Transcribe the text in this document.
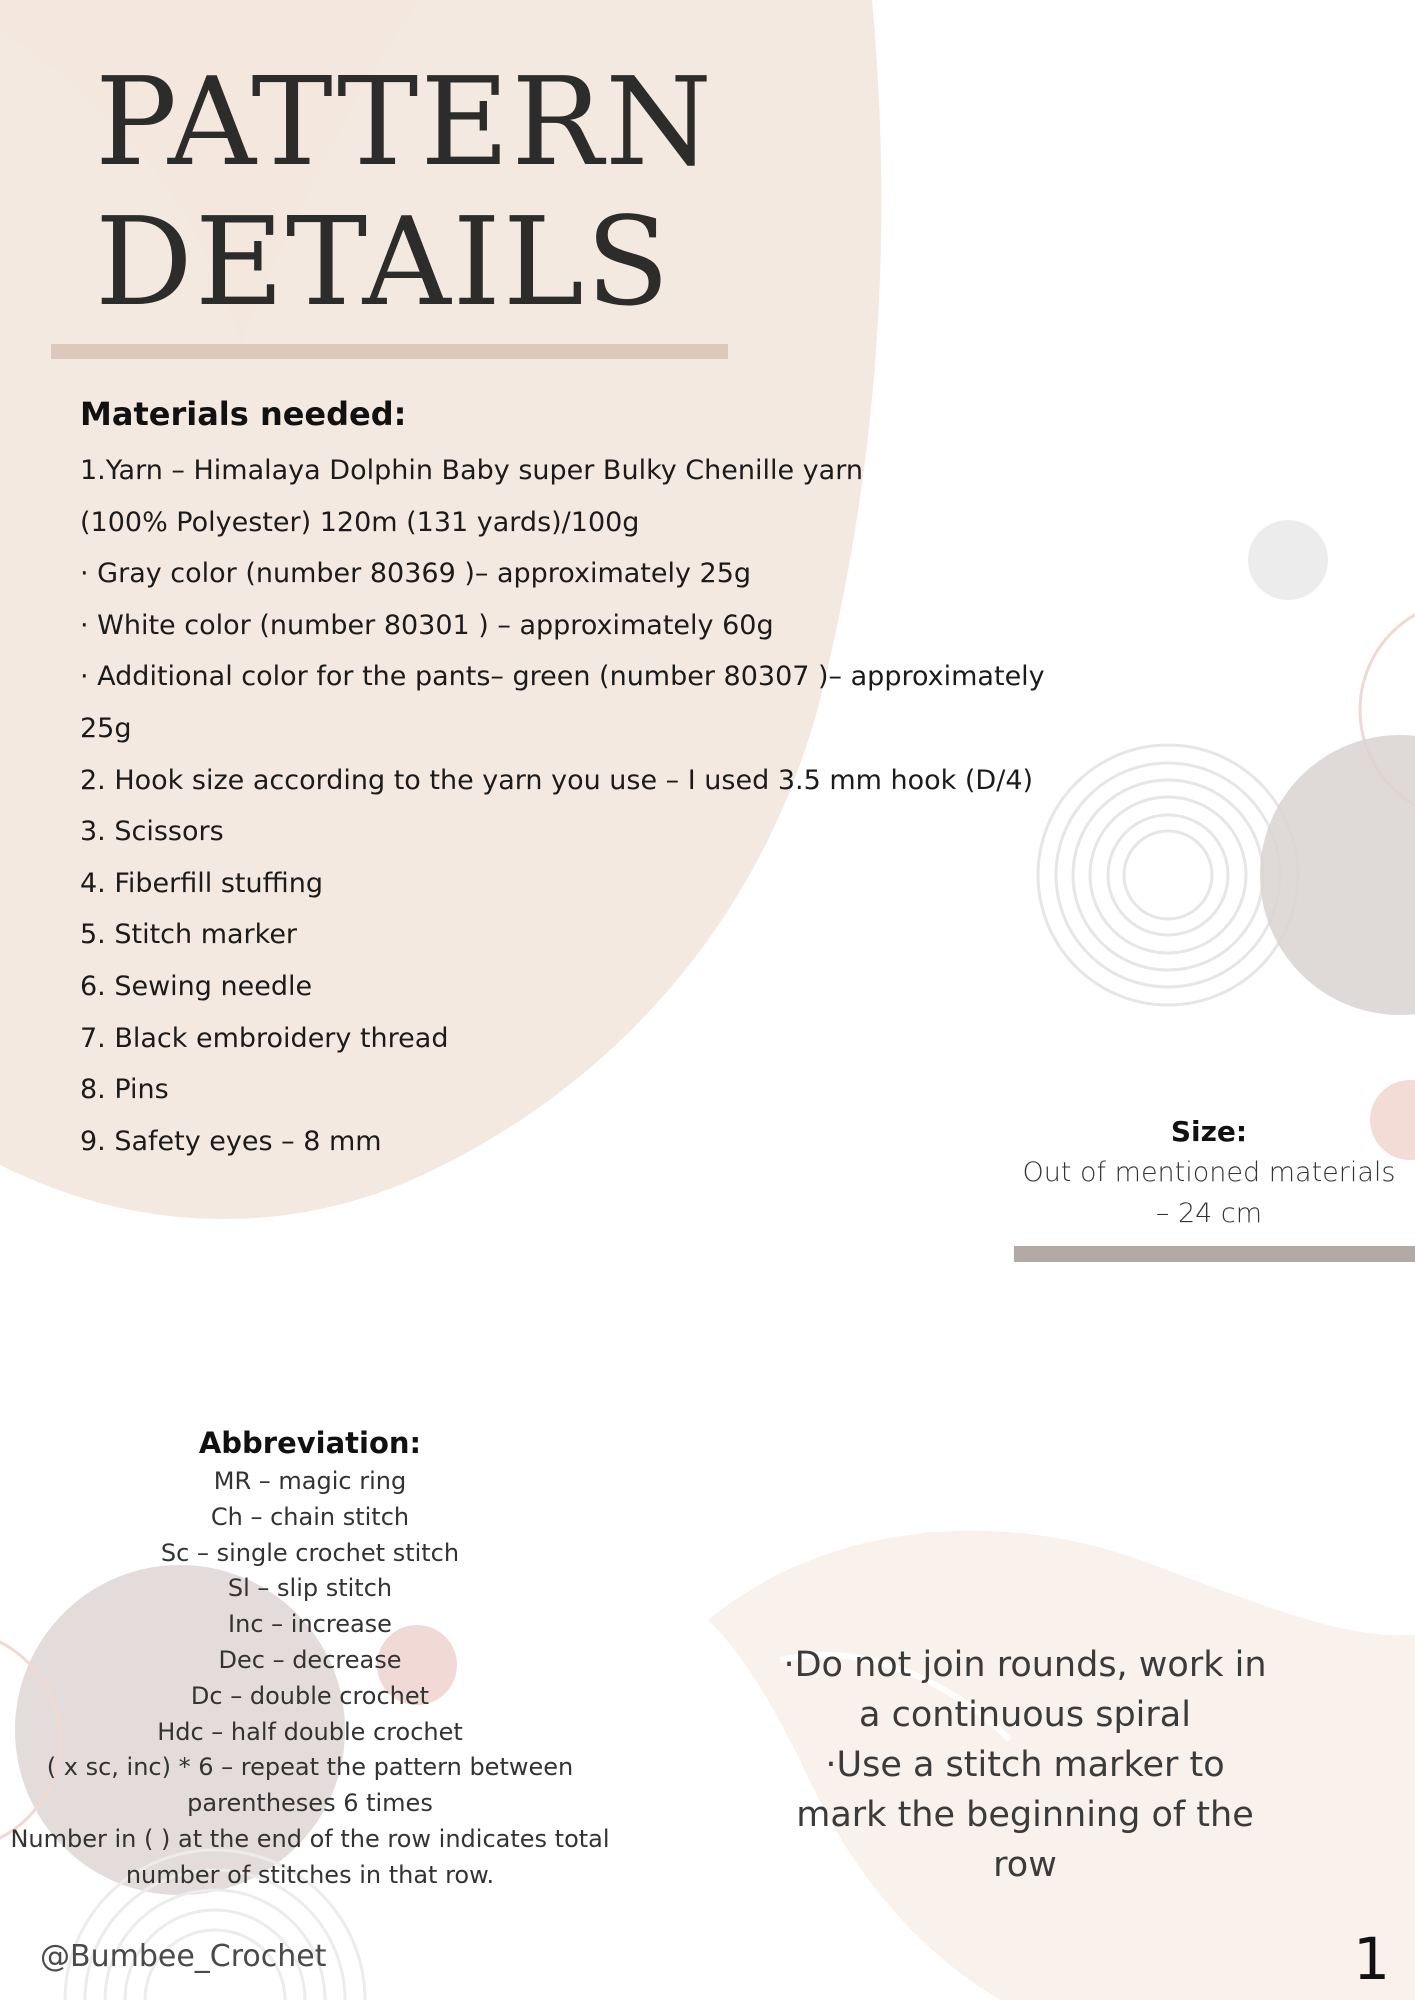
PATTERN
DETAILS
Materials needed:
1.Yarn – Himalaya Dolphin Baby super Bulky Chenille yarn
(100% Polyester) 120m (131 yards)/100g
· Gray color (number 80369 )– approximately 25g
· White color (number 80301 ) – approximately 60g
· Additional color for the pants– green (number 80307 )– approximately
25g
2. Hook size according to the yarn you use – I used 3.5 mm hook (D/4)
3. Scissors
4. Fiberfill stuffing
5. Stitch marker
6. Sewing needle
7. Black embroidery thread
8. Pins
9. Safety eyes – 8 mm	Size:

Out of mentioned materials

– 24 cm

Abbreviation:
MR – magic ring
Ch – chain stitch
Sc – single crochet stitch
Sl – slip stitch
Inc – increase
Dec – decrease
Dc – double crochet
Hdc – half double crochet
( x sc, inc) * 6 – repeat the pattern between
parentheses 6 times
Number in ( ) at the end of the row indicates total
number of stitches in that row.

·Do not join rounds, work in

a continuous spiral

·Use a stitch marker to

mark the beginning of the

row

@Bumbee_Crochet	1
